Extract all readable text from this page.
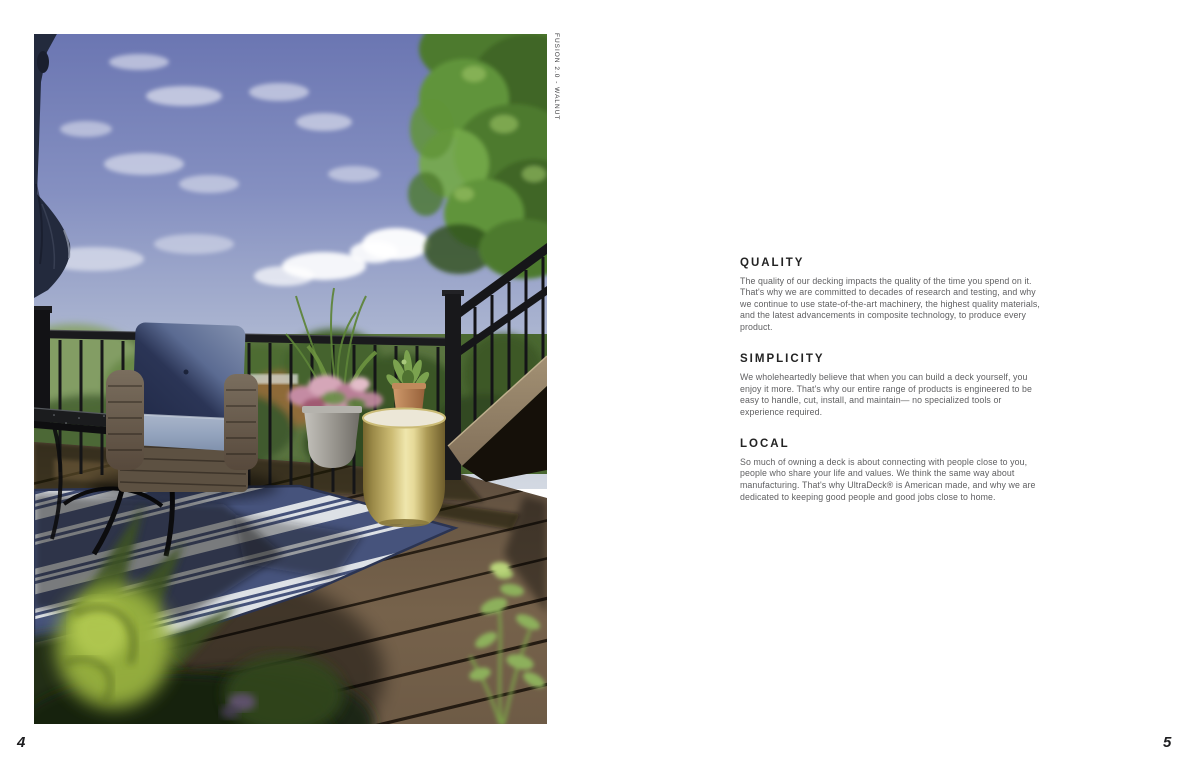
FUSION 2.0 - WALNUT
QUALITY

The quality of our decking impacts the quality of the time you spend on it. That's why we are committed to decades of research and testing, and why we continue to use state-of-the-art machinery, the highest quality materials, and the latest advancements in composite technology, to produce every product.

SIMPLICITY

We wholeheartedly believe that when you can build a deck yourself, you enjoy it more. That's why our entire range of products is engineered to be easy to handle, cut, install, and maintain— no specialized tools or experience required.

LOCAL

So much of owning a deck is about connecting with people close to you, people who share your life and values. We think the same way about manufacturing. That's why UltraDeck® is American made, and why we are dedicated to keeping good people and good jobs close to home.

4	5
